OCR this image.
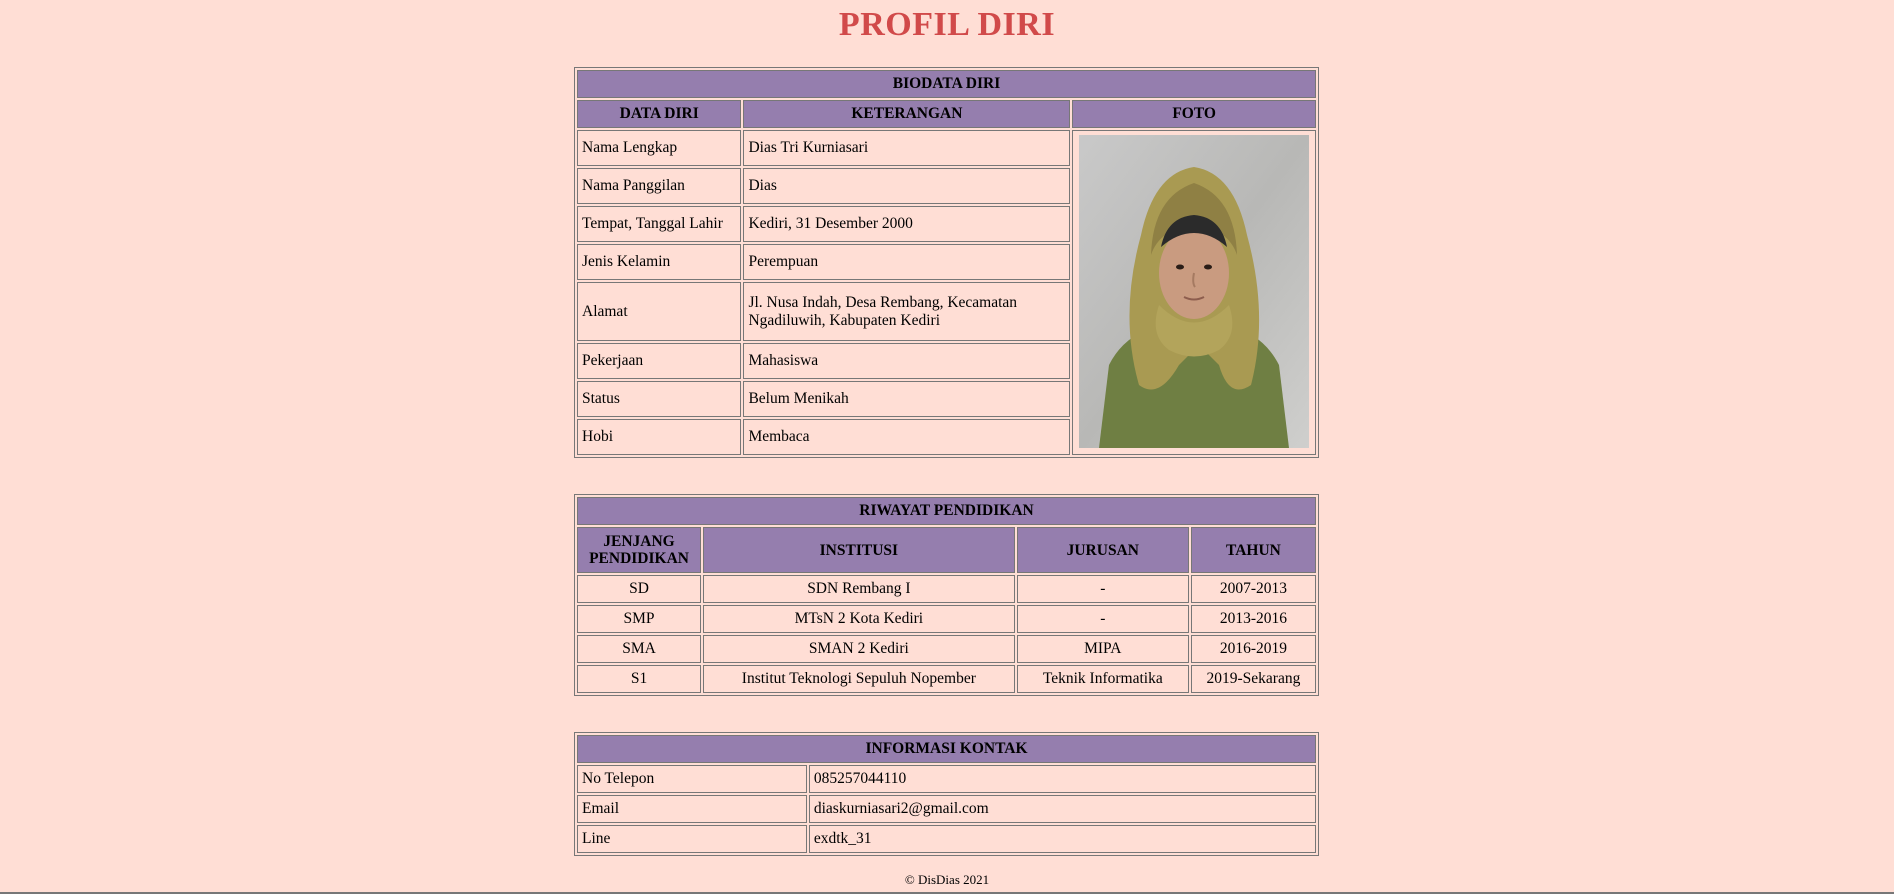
PROFIL DIRI
BIODATA DIRI		
DATA DIRI	KETERANGAN	FOTO
Nama Lengkap	Dias Tri Kurniasari	

Nama Panggilan	Dias	
Tempat, Tanggal Lahir	Kediri, 31 Desember 2000	
Jenis Kelamin	Perempuan	
Alamat	Jl. Nusa Indah, Desa Rembang, Kecamatan Ngadiluwih, Kabupaten Kediri	
Pekerjaan	Mahasiswa	
Status	Belum Menikah	
Hobi	Membaca	
RIWAYAT PENDIDIKAN			
JENJANG PENDIDIKAN	INSTITUSI	JURUSAN	TAHUN
SD	SDN Rembang I	-	2007-2013
SMP	MTsN 2 Kota Kediri	-	2013-2016
SMA	SMAN 2 Kediri	MIPA	2016-2019
S1	Institut Teknologi Sepuluh Nopember	Teknik Informatika	2019-Sekarang
INFORMASI KONTAK	
No Telepon	085257044110
Email	diaskurniasari2@gmail.com
Line	exdtk_31
© DisDias 2021
